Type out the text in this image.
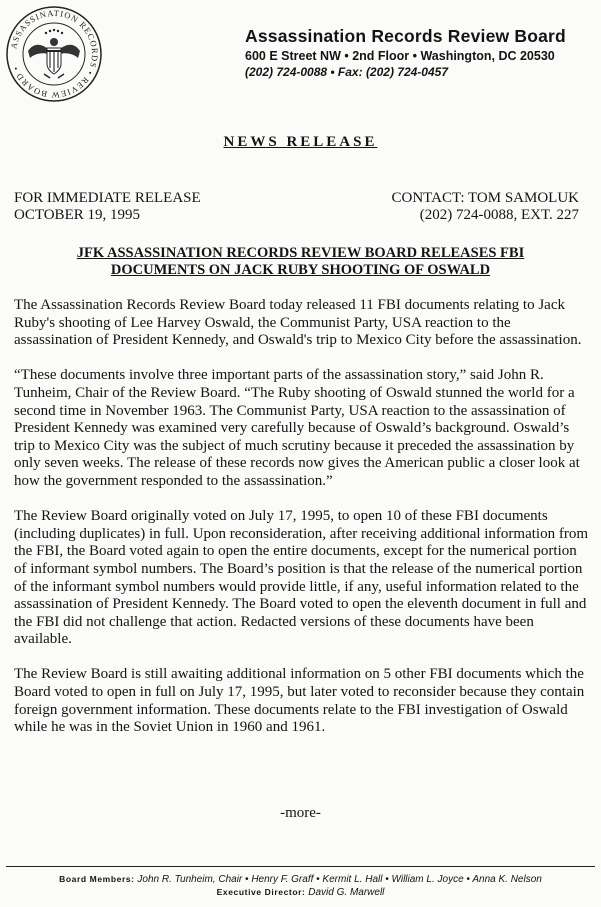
ASSASSINATION RECORDS • REVIEW BOARD •
Assassination Records Review Board
600 E Street NW • 2nd Floor • Washington, DC 20530
(202) 724-0088 • Fax: (202) 724-0457
NEWS RELEASE
FOR IMMEDIATE RELEASE
OCTOBER 19, 1995
CONTACT: TOM SAMOLUK
(202) 724-0088, EXT. 227
JFK ASSASSINATION RECORDS REVIEW BOARD RELEASES FBI
DOCUMENTS ON JACK RUBY SHOOTING OF OSWALD

The Assassination Records Review Board today released 11 FBI documents relating to Jack Ruby's shooting of Lee Harvey Oswald, the Communist Party, USA reaction to the assassination of President Kennedy, and Oswald's trip to Mexico City before the assassination.

“These documents involve three important parts of the assassination story,” said John R. Tunheim, Chair of the Review Board. “The Ruby shooting of Oswald stunned the world for a second time in November 1963. The Communist Party, USA reaction to the assassination of President Kennedy was examined very carefully because of Oswald’s background. Oswald’s trip to Mexico City was the subject of much scrutiny because it preceded the assassination by only seven weeks. The release of these records now gives the American public a closer look at how the government responded to the assassination.”

The Review Board originally voted on July 17, 1995, to open 10 of these FBI documents (including duplicates) in full. Upon reconsideration, after receiving additional information from the FBI, the Board voted again to open the entire documents, except for the numerical portion of informant symbol numbers. The Board’s position is that the release of the numerical portion of the informant symbol numbers would provide little, if any, useful information related to the assassination of President Kennedy. The Board voted to open the eleventh document in full and the FBI did not challenge that action. Redacted versions of these documents have been available.

The Review Board is still awaiting additional information on 5 other FBI documents which the Board voted to open in full on July 17, 1995, but later voted to reconsider because they contain foreign government information. These documents relate to the FBI investigation of Oswald while he was in the Soviet Union in 1960 and 1961.

-more-
Board Members: John R. Tunheim, Chair • Henry F. Graff • Kermit L. Hall • William L. Joyce • Anna K. Nelson
Executive Director: David G. Marwell
